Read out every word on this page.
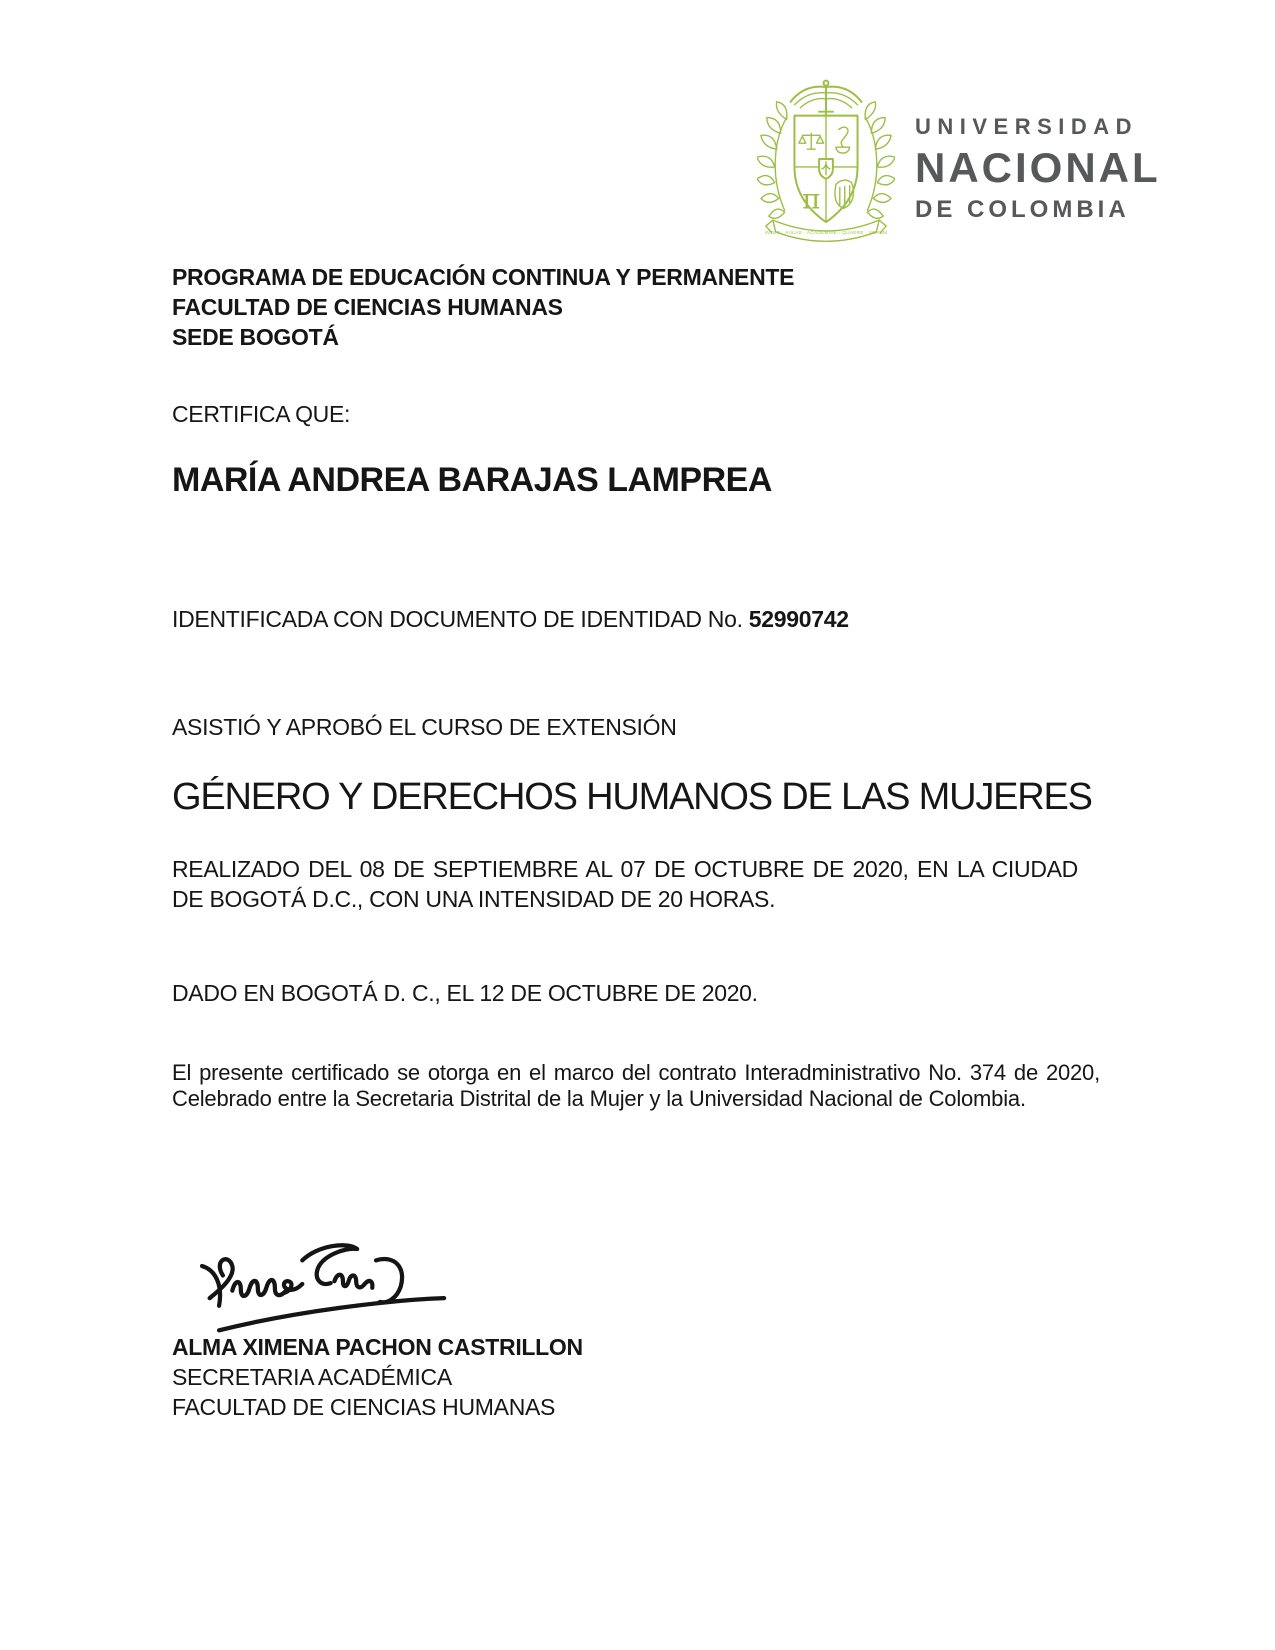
π
INTER · AULAS · ACADEMIAE · QUAERE · VERUM
UNIVERSIDAD
NACIONAL
DE COLOMBIA
PROGRAMA DE EDUCACIÓN CONTINUA Y PERMANENTE
FACULTAD DE CIENCIAS HUMANAS
SEDE BOGOTÁ
CERTIFICA QUE:
MARÍA ANDREA BARAJAS LAMPREA
IDENTIFICADA CON DOCUMENTO DE IDENTIDAD No. 52990742
ASISTIÓ Y APROBÓ EL CURSO DE EXTENSIÓN
GÉNERO Y DERECHOS HUMANOS DE LAS MUJERES
REALIZADO DEL 08 DE SEPTIEMBRE AL 07 DE OCTUBRE DE 2020, EN LA CIUDAD DE BOGOTÁ D.C., CON UNA INTENSIDAD DE 20 HORAS.
DADO EN BOGOTÁ D. C., EL 12 DE OCTUBRE DE 2020.
El presente certificado se otorga en el marco del contrato Interadministrativo No. 374 de 2020, Celebrado entre la Secretaria Distrital de la Mujer y la Universidad Nacional de Colombia.
ALMA XIMENA PACHON CASTRILLON
SECRETARIA ACADÉMICA
FACULTAD DE CIENCIAS HUMANAS
